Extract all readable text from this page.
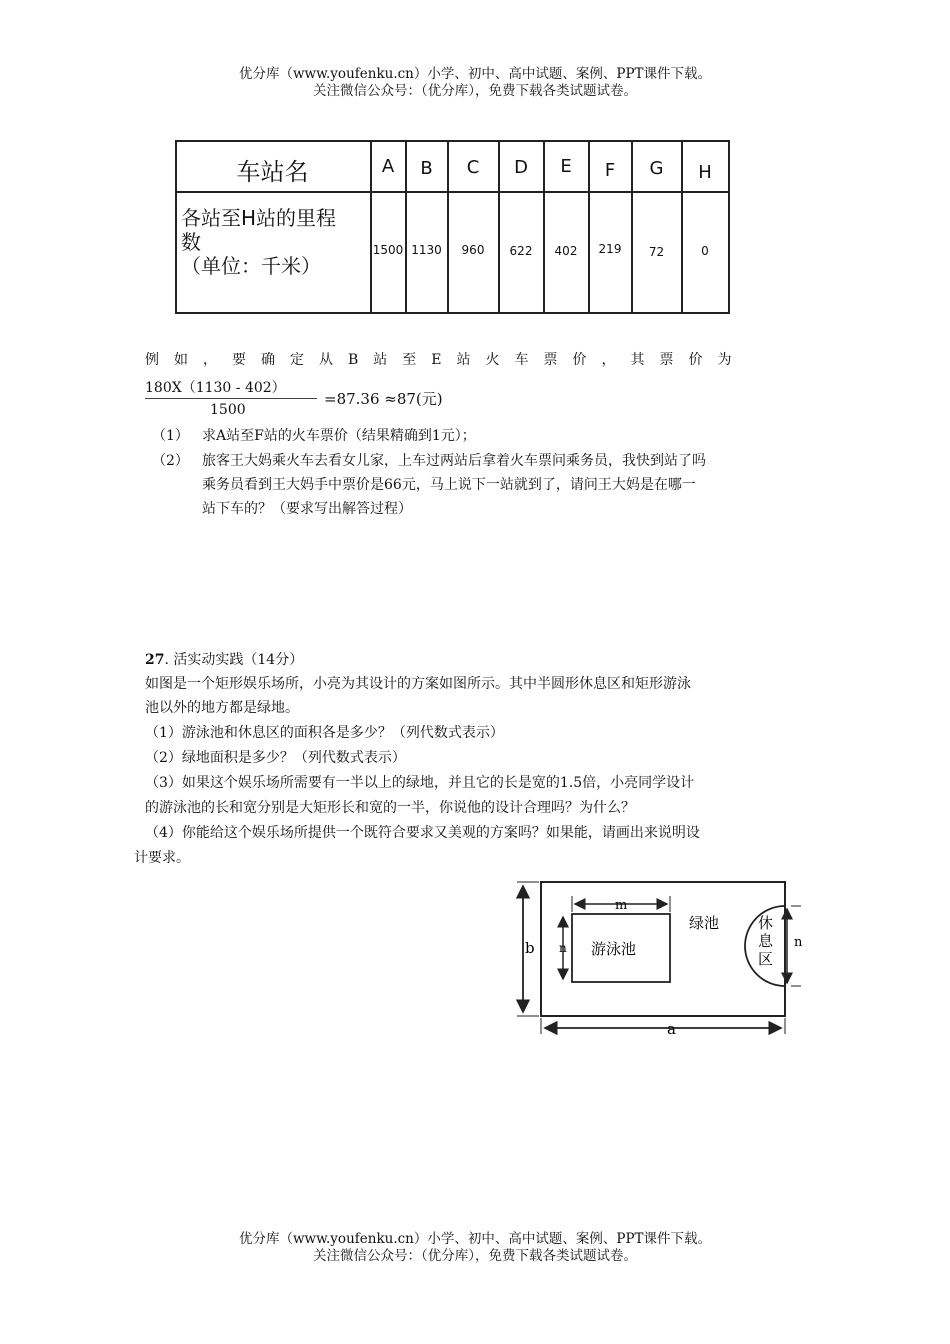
优分库（www.youfenku.cn）小学、初中、高中试题、案例、PPT课件下载。
关注微信公众号：（优分库），免费下载各类试题试卷。
车站名	A	B	C	D	E	F	G	H
各站至H站的里程
数
（单位：千米）
1500 1130	960	622	402	219	72	0
例如，要确定从B站至E站火车票价，其票价为
180X（1130 - 402）
1500
=87.36 ≈87(元)
（1） 求A站至F站的火车票价（结果精确到1元）；
（2） 旅客王大妈乘火车去看女儿家，上车过两站后拿着火车票问乘务员，我快到站了吗
乘务员看到王大妈手中票价是66元，马上说下一站就到了，请问王大妈是在哪一
站下车的？（要求写出解答过程）
27. 活实动实践（14分）
如图是一个矩形娱乐场所，小亮为其设计的方案如图所示。其中半圆形休息区和矩形游泳
池以外的地方都是绿地。
（1）游泳池和休息区的面积各是多少？（列代数式表示）
（2）绿地面积是多少？（列代数式表示）
（3）如果这个娱乐场所需要有一半以上的绿地，并且它的长是宽的1.5倍，小亮同学设计
的游泳池的长和宽分别是大矩形长和宽的一半，你说他的设计合理吗？为什么？
（4）你能给这个娱乐场所提供一个既符合要求又美观的方案吗？如果能，请画出来说明设
计要求。
m
n 游泳池
绿池	休
息
区
n
b
a
优分库（www.youfenku.cn）小学、初中、高中试题、案例、PPT课件下载。
关注微信公众号：（优分库），免费下载各类试题试卷。
